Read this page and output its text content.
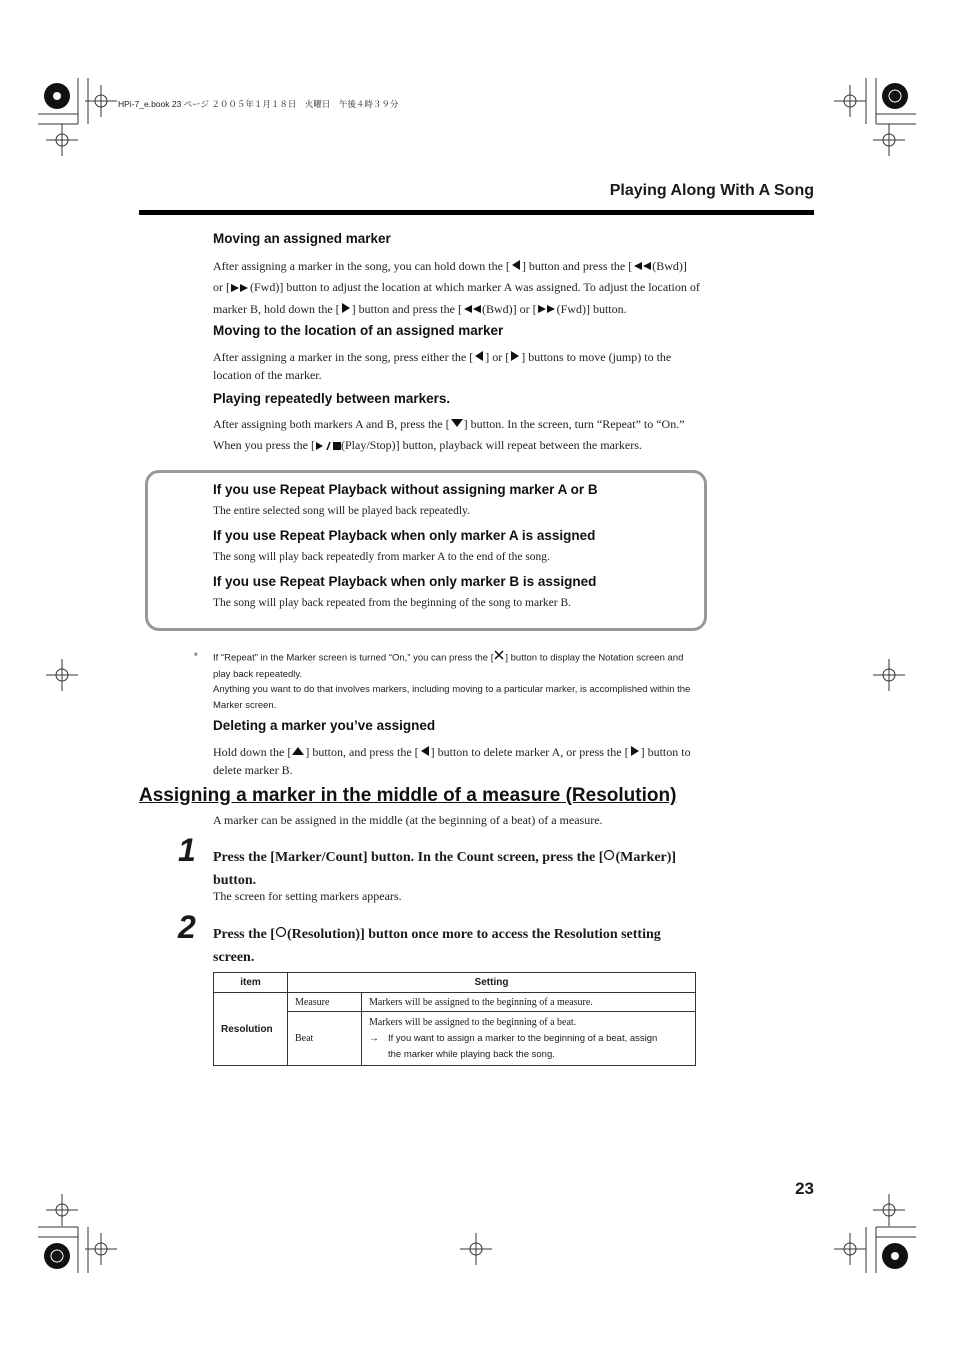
HPi-7_e.book 23 ページ ２００５年１月１８日　火曜日　午後４時３９分
Playing Along With A Song
Moving an assigned marker
After assigning a marker in the song, you can hold down the [ ] button and press the [ (Bwd)]
or [ (Fwd)] button to adjust the location at which marker A was assigned. To adjust the location of
marker B, hold down the [ ] button and press the [ (Bwd)] or [ (Fwd)] button.
Moving to the location of an assigned marker
After assigning a marker in the song, press either the [ ] or [ ] buttons to move (jump) to the
location of the marker.
Playing repeatedly between markers.
After assigning both markers A and B, press the [ ] button. In the screen, turn “Repeat” to “On.”
When you press the [ (Play/Stop)] button, playback will repeat between the markers.
If you use Repeat Playback without assigning marker A or B
The entire selected song will be played back repeatedly.
If you use Repeat Playback when only marker A is assigned
The song will play back repeatedly from marker A to the end of the song.
If you use Repeat Playback when only marker B is assigned
The song will play back repeated from the beginning of the song to marker B.
* If “Repeat” in the Marker screen is turned “On,” you can press the [ ] button to display the Notation screen and
play back repeatedly.
Anything you want to do that involves markers, including moving to a particular marker, is accomplished within the
Marker screen.
Deleting a marker you’ve assigned
Hold down the [ ] button, and press the [ ] button to delete marker A, or press the [ ] button to
delete marker B.
Assigning a marker in the middle of a measure (Resolution)
A marker can be assigned in the middle (at the beginning of a beat) of a measure.
1 Press the [Marker/Count] button. In the Count screen, press the [ (Marker)]
button.
The screen for setting markers appears.
2 Press the [ (Resolution)] button once more to access the Resolution setting
screen.
item	Setting	
Resolution	Measure	Markers will be assigned to the beginning of a measure.
	Beat	Markers will be assigned to the beginning of a beat.
→ If you want to assign a marker to the beginning of a beat, assign
the marker while playing back the song.
23
